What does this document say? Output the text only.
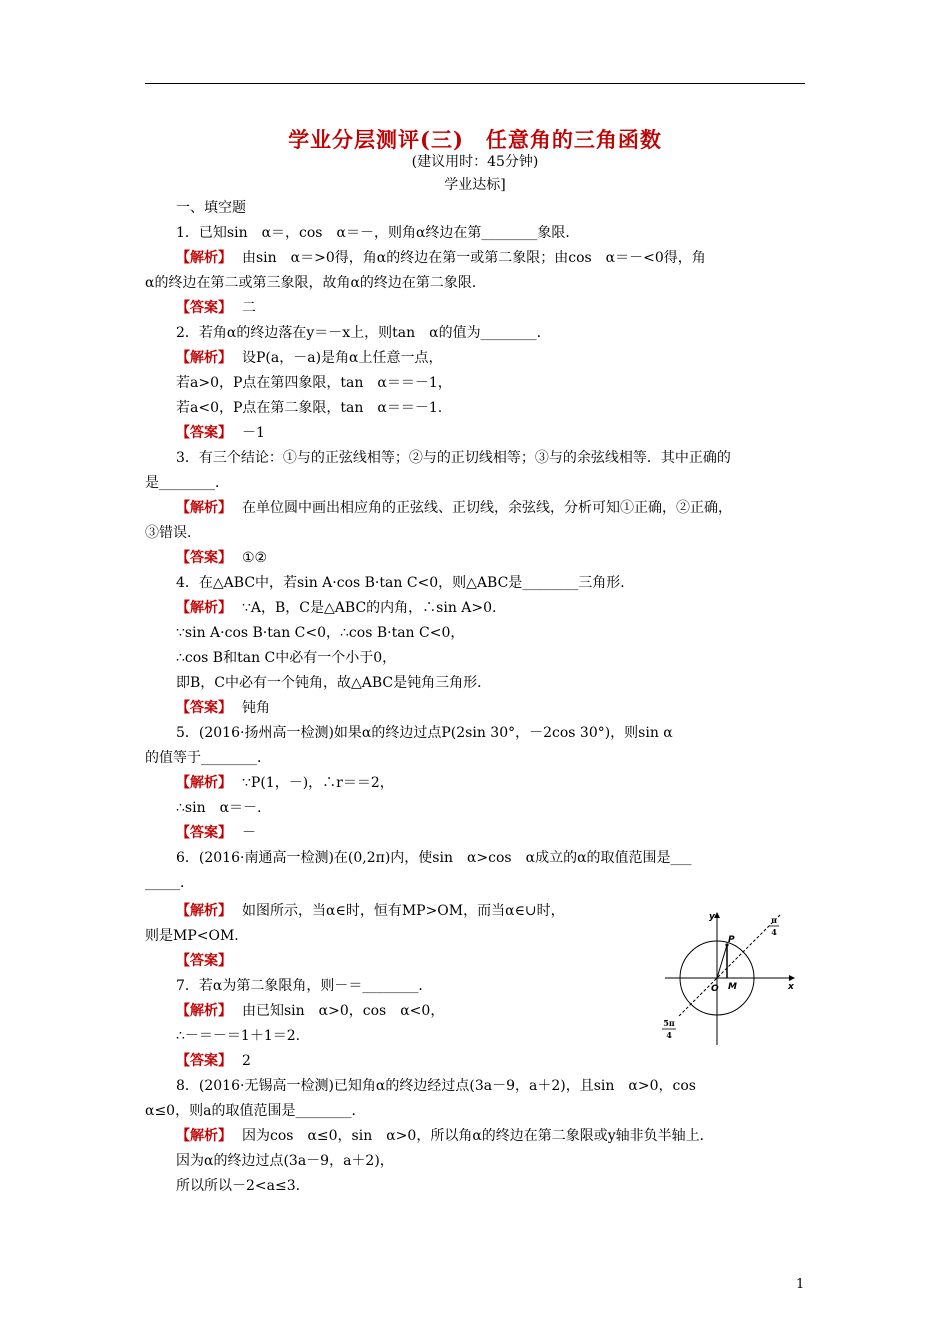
学业分层测评(三)　任意角的三角函数
(建议用时：45分钟)
学业达标]
一、填空题
1．已知sin　α＝，cos　α＝－，则角α终边在第________象限．
【解析】 由sin　α＝>0得，角α的终边在第一或第二象限；由cos　α＝－<0得，角
α的终边在第二或第三象限，故角α的终边在第二象限．
【答案】 二
2．若角α的终边落在y＝－x上，则tan　α的值为________．
【解析】 设P(a，－a)是角α上任意一点，
若a>0，P点在第四象限，tan　α＝＝－1，
若a<0，P点在第二象限，tan　α＝＝－1.
【答案】 －1
3．有三个结论：①与的正弦线相等；②与的正切线相等；③与的余弦线相等．其中正确的
是________．
【解析】 在单位圆中画出相应角的正弦线、正切线，余弦线，分析可知①正确，②正确，
③错误．
【答案】 ①②
4．在△ABC中，若sin A·cos B·tan C<0，则△ABC是________三角形．
【解析】 ∵A，B，C是△ABC的内角，∴sin A>0.
∵sin A·cos B·tan C<0，∴cos B·tan C<0，
∴cos B和tan C中必有一个小于0，
即B，C中必有一个钝角，故△ABC是钝角三角形．
【答案】 钝角
5．(2016·扬州高一检测)如果α的终边过点P(2sin 30°，－2cos 30°)，则sin α
的值等于________．
【解析】 ∵P(1，－)，∴r＝＝2，
∴sin　α＝－.
【答案】 －
6．(2016·南通高一检测)在(0,2π)内，使sin　α>cos　α成立的α的取值范围是___
_____．
【解析】 如图所示，当α∈时，恒有MP>OM，而当α∈∪时，
则是MP<OM.
【答案】
7．若α为第二象限角，则－＝________．
【解析】 由已知sin　α>0，cos　α<0，
∴－＝－＝1＋1＝2.
【答案】 2
8．(2016·无锡高一检测)已知角α的终边经过点(3a－9，a＋2)，且sin　α>0，cos
α≤0，则a的取值范围是________．
【解析】 因为cos　α≤0，sin　α>0，所以角α的终边在第二象限或y轴非负半轴上．
因为α的终边过点(3a－9，a＋2)，
所以所以－2<a≤3.
y
x
O M
P
π
4
5π
4
1
